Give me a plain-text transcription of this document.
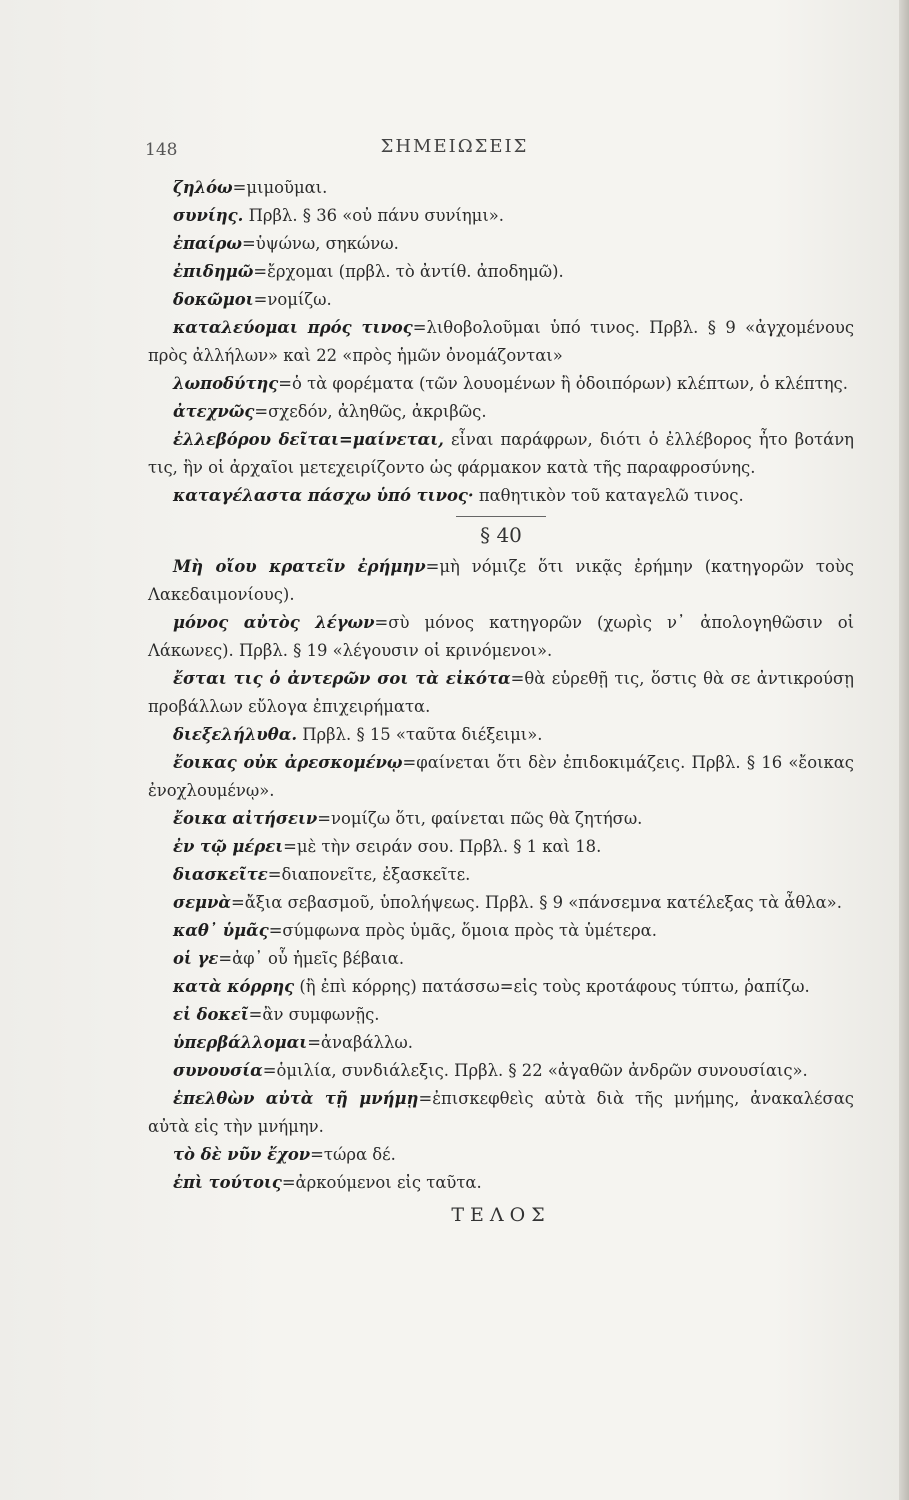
148	ΣΗΜΕΙΩΣΕΙΣ

ζηλόω=μιμοῦμαι.

συνίης. Πρβλ. § 36 «οὐ πάνυ συνίημι».

ἐπαίρω=ὑψώνω, σηκώνω.

ἐπιδημῶ=ἔρχομαι (πρβλ. τὸ ἀντίθ. ἀποδημῶ).

δοκῶμοι=νομίζω.

καταλεύομαι πρός τινος=λιθοβολοῦμαι ὑπό τινος. Πρβλ. § 9 «ἀγχομένους πρὸς ἀλλήλων» καὶ 22 «πρὸς ἡμῶν ὀνομάζονται»

λωποδύτης=ὁ τὰ φορέματα (τῶν λουομένων ἢ ὁδοιπόρων) κλέπτων, ὁ κλέπτης.

ἀτεχνῶς=σχεδόν, ἀληθῶς, ἀκριβῶς.

ἐλλεβόρου δεῖται=μαίνεται, εἶναι παράφρων, διότι ὁ ἐλλέβορος ἦτο βοτάνη τις, ἣν οἱ ἀρχαῖοι μετεχειρίζοντο ὡς φάρμακον κατὰ τῆς παραφροσύνης.

καταγέλαστα πάσχω ὑπό τινος· παθητικὸν τοῦ καταγελῶ τινος.

§ 40

Μὴ οἴου κρατεῖν ἐρήμην=μὴ νόμιζε ὅτι νικᾷς ἐρήμην (κατηγορῶν τοὺς Λακεδαιμονίους).

μόνος αὐτὸς λέγων=σὺ μόνος κατηγορῶν (χωρὶς ν᾿ ἀπολογηθῶσιν οἱ Λάκωνες). Πρβλ. § 19 «λέγουσιν οἱ κρινόμενοι».

ἔσται τις ὁ ἀντερῶν σοι τὰ εἰκότα=θὰ εὑρεθῇ τις, ὅστις θὰ σε ἀντικρούσῃ προβάλλων εὔλογα ἐπιχειρήματα.

διεξελήλυθα. Πρβλ. § 15 «ταῦτα διέξειμι».

ἔοικας οὐκ ἀρεσκομένῳ=φαίνεται ὅτι δὲν ἐπιδοκιμάζεις. Πρβλ. § 16 «ἔοικας ἐνοχλουμένῳ».

ἔοικα αἰτήσειν=νομίζω ὅτι, φαίνεται πῶς θὰ ζητήσω.

ἐν τῷ μέρει=μὲ τὴν σειράν σου. Πρβλ. § 1 καὶ 18.

διασκεῖτε=διαπονεῖτε, ἐξασκεῖτε.

σεμνὰ=ἄξια σεβασμοῦ, ὑπολήψεως. Πρβλ. § 9 «πάνσεμνα κατέλεξας τὰ ἆθλα».

καθ᾿ ὑμᾶς=σύμφωνα πρὸς ὑμᾶς, ὅμοια πρὸς τὰ ὑμέτερα.

οἱ γε=ἀφ᾿ οὗ ἡμεῖς βέβαια.

κατὰ κόρρης (ἢ ἐπὶ κόρρης) πατάσσω=εἰς τοὺς κροτάφους τύπτω, ῥαπίζω.

εἰ δοκεῖ=ἂν συμφωνῇς.

ὑπερβάλλομαι=ἀναβάλλω.

συνουσία=ὁμιλία, συνδιάλεξις. Πρβλ. § 22 «ἀγαθῶν ἀνδρῶν συνουσίαις».

ἐπελθὼν αὐτὰ τῇ μνήμῃ=ἐπισκεφθεὶς αὐτὰ διὰ τῆς μνήμης, ἀνακαλέσας αὐτὰ εἰς τὴν μνήμην.

τὸ δὲ νῦν ἔχον=τώρα δέ.

ἐπὶ τούτοις=ἀρκούμενοι εἰς ταῦτα.

ΤΕΛΟΣ
